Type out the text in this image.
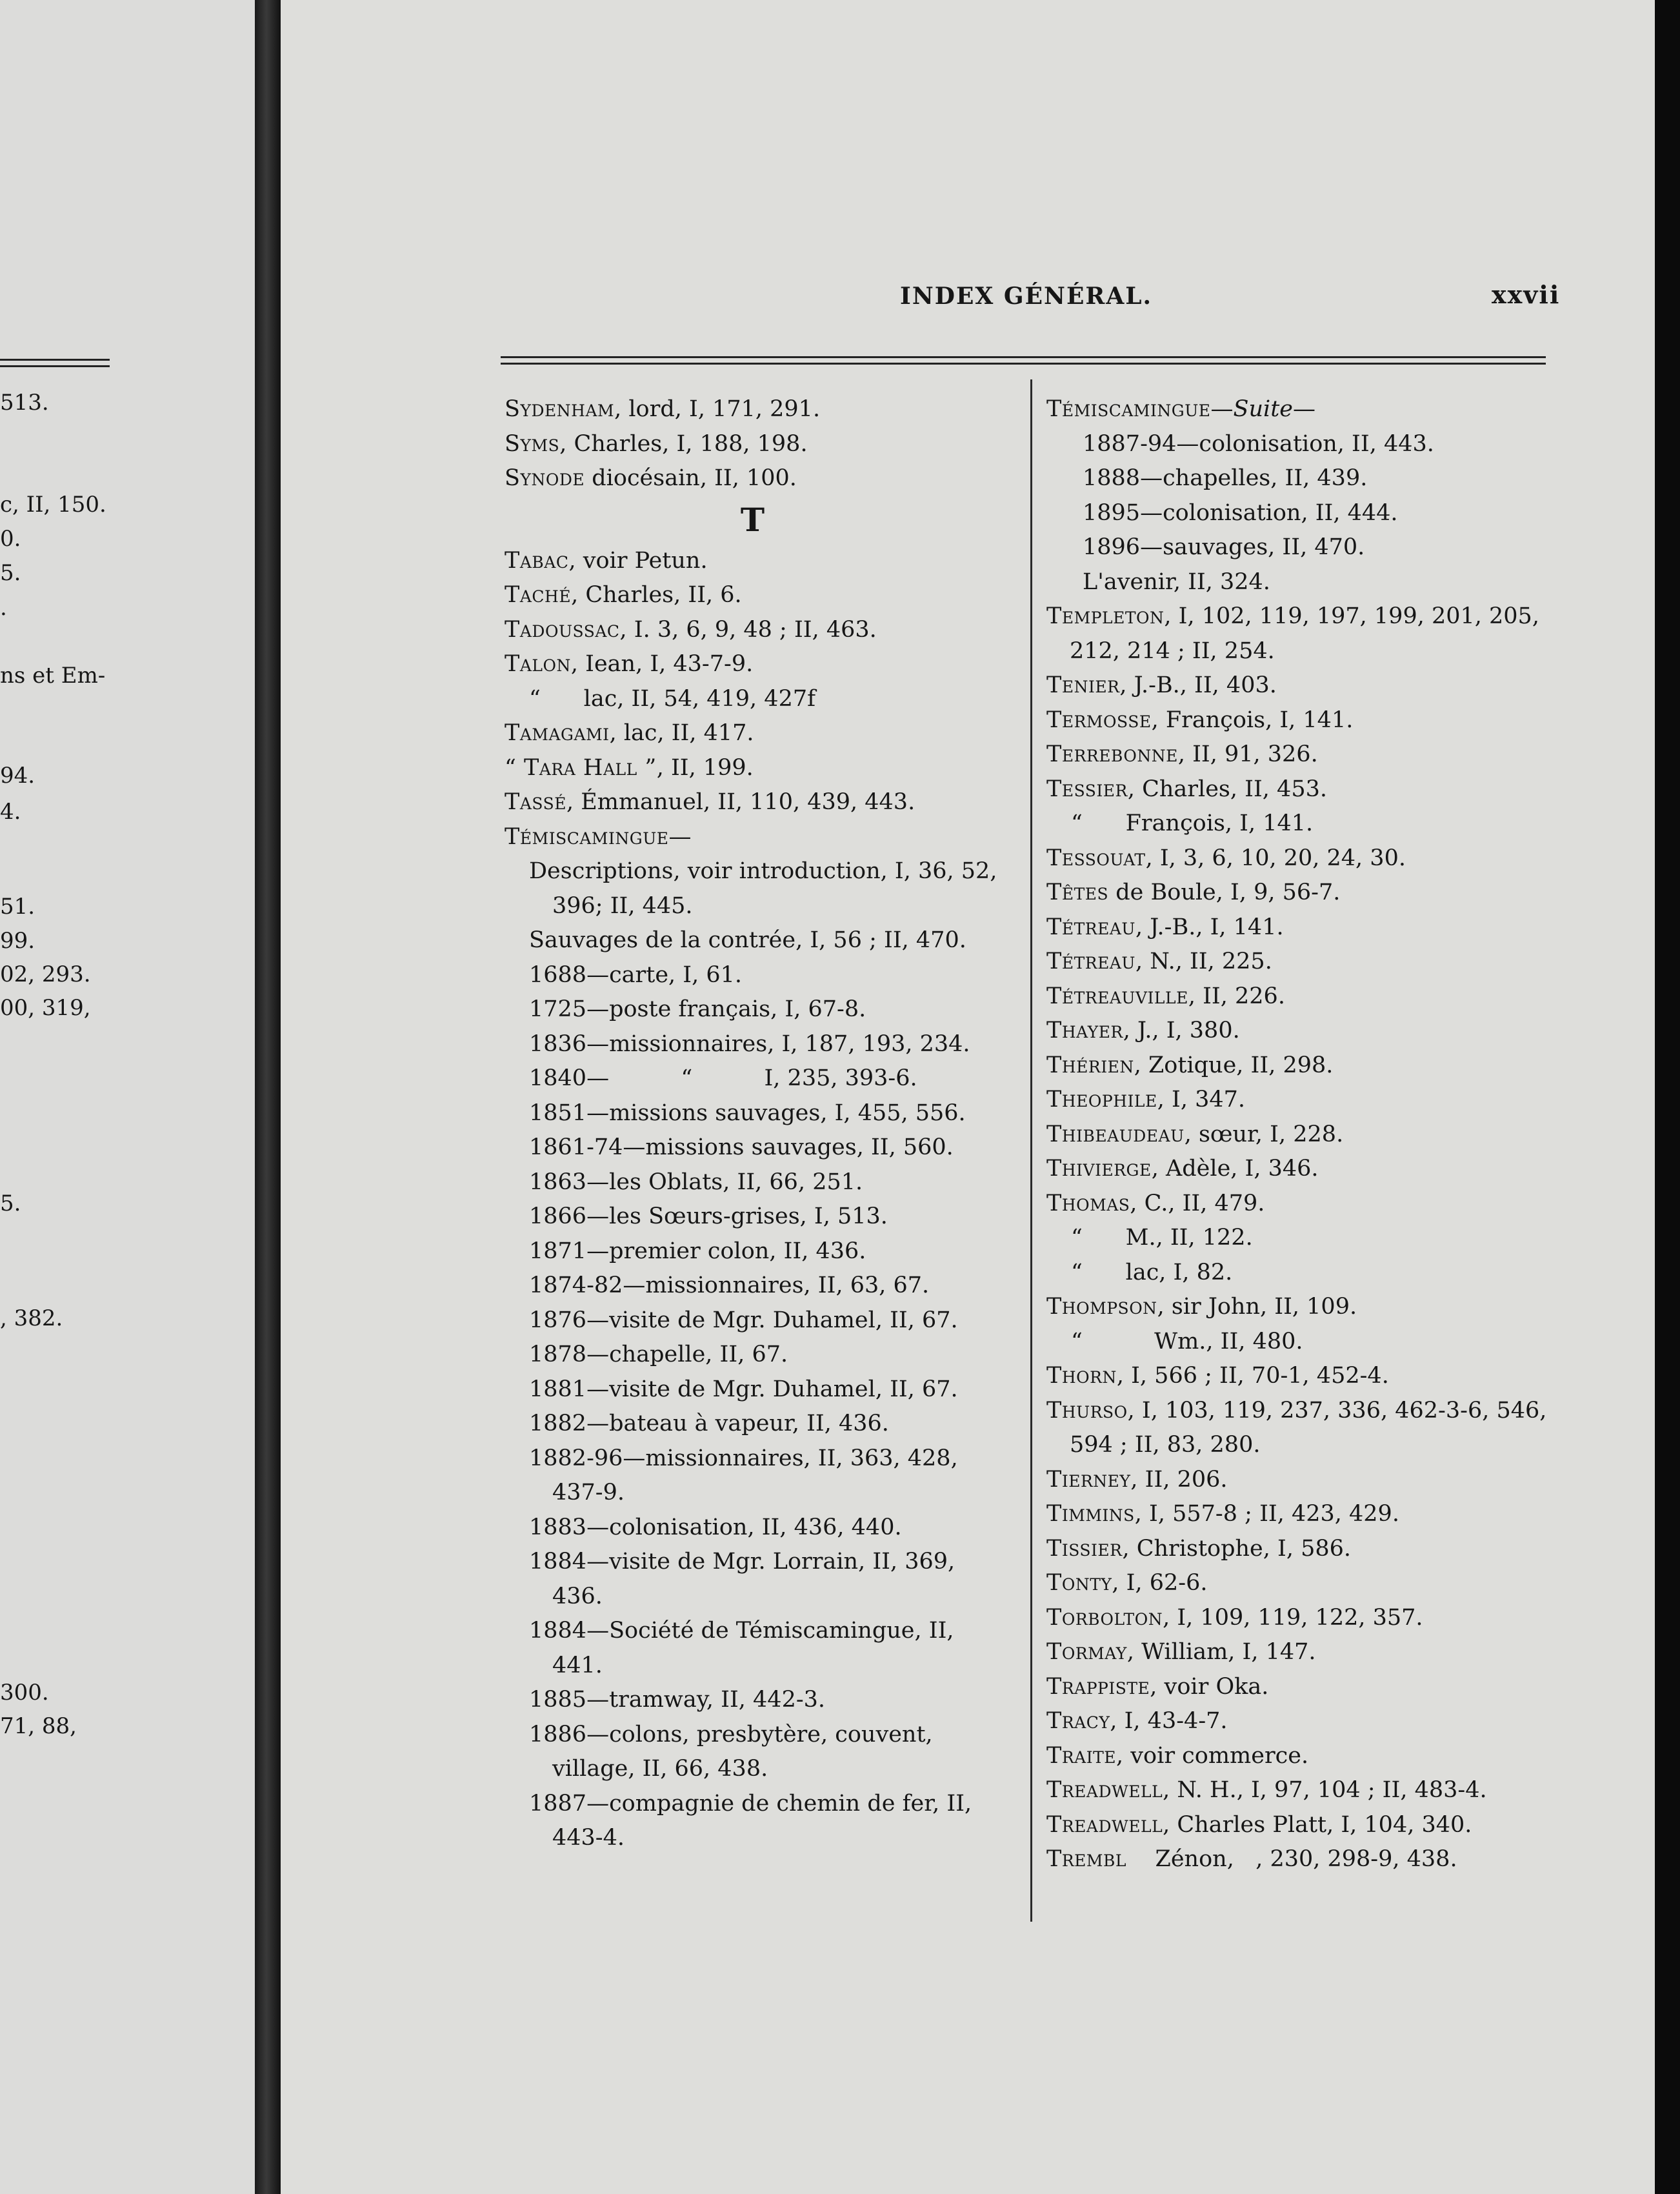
513.
c, II, 150.
0.
5.
.
ns et Em-
94.
4.
51.
99.
02, 293.
00, 319,
5.
, 382.
300.
71, 88,
INDEX GÉNÉRAL.	xxvii

Sydenham, lord, I, 171, 291.

Syms, Charles, I, 188, 198.

Synode diocésain, II, 100.

T

Tabac, voir Petun.

Taché, Charles, II, 6.

Tadoussac, I. 3, 6, 9, 48 ; II, 463.

Talon, Iean, I, 43-7-9.

“      lac, II, 54, 419, 427f

Tamagami, lac, II, 417.

“ Tara Hall ”, II, 199.

Tassé, Émmanuel, II, 110, 439, 443.

Témiscamingue—

Descriptions, voir introduction, I, 36, 52, 396; II, 445.

Sauvages de la contrée, I, 56 ; II, 470.

1688—carte, I, 61.

1725—poste français, I, 67-8.

1836—missionnaires, I, 187, 193, 234.

1840—          “          I, 235, 393-6.

1851—missions sauvages, I, 455, 556.

1861-74—missions sauvages, II, 560.

1863—les Oblats, II, 66, 251.

1866—les Sœurs-grises, I, 513.

1871—premier colon, II, 436.

1874-82—missionnaires, II, 63, 67.

1876—visite de Mgr. Duhamel, II, 67.

1878—chapelle, II, 67.

1881—visite de Mgr. Duhamel, II, 67.

1882—bateau à vapeur, II, 436.

1882-96—missionnaires, II, 363, 428, 437-9.

1883—colonisation, II, 436, 440.

1884—visite de Mgr. Lorrain, II, 369, 436.

1884—Société de Témiscamingue, II, 441.

1885—tramway, II, 442-3.

1886—colons, presbytère, couvent, village, II, 66, 438.

1887—compagnie de chemin de fer, II, 443-4.

Témiscamingue—Suite—

1887-94—colonisation, II, 443.

1888—chapelles, II, 439.

1895—colonisation, II, 444.

1896—sauvages, II, 470.

L'avenir, II, 324.

Templeton, I, 102, 119, 197, 199, 201, 205, 212, 214 ; II, 254.

Tenier, J.-B., II, 403.

Termosse, François, I, 141.

Terrebonne, II, 91, 326.

Tessier, Charles, II, 453.

“      François, I, 141.

Tessouat, I, 3, 6, 10, 20, 24, 30.

Têtes de Boule, I, 9, 56-7.

Tétreau, J.-B., I, 141.

Tétreau, N., II, 225.

Tétreauville, II, 226.

Thayer, J., I, 380.

Thérien, Zotique, II, 298.

Theophile, I, 347.

Thibeaudeau, sœur, I, 228.

Thivierge, Adèle, I, 346.

Thomas, C., II, 479.

“      M., II, 122.

“      lac, I, 82.

Thompson, sir John, II, 109.

“          Wm., II, 480.

Thorn, I, 566 ; II, 70-1, 452-4.

Thurso, I, 103, 119, 237, 336, 462-3-6, 546, 594 ; II, 83, 280.

Tierney, II, 206.

Timmins, I, 557-8 ; II, 423, 429.

Tissier, Christophe, I, 586.

Tonty, I, 62-6.

Torbolton, I, 109, 119, 122, 357.

Tormay, William, I, 147.

Trappiste, voir Oka.

Tracy, I, 43-4-7.

Traite, voir commerce.

Treadwell, N. H., I, 97, 104 ; II, 483-4.

Treadwell, Charles Platt, I, 104, 340.

Trembl    Zénon,   , 230, 298-9, 438.
